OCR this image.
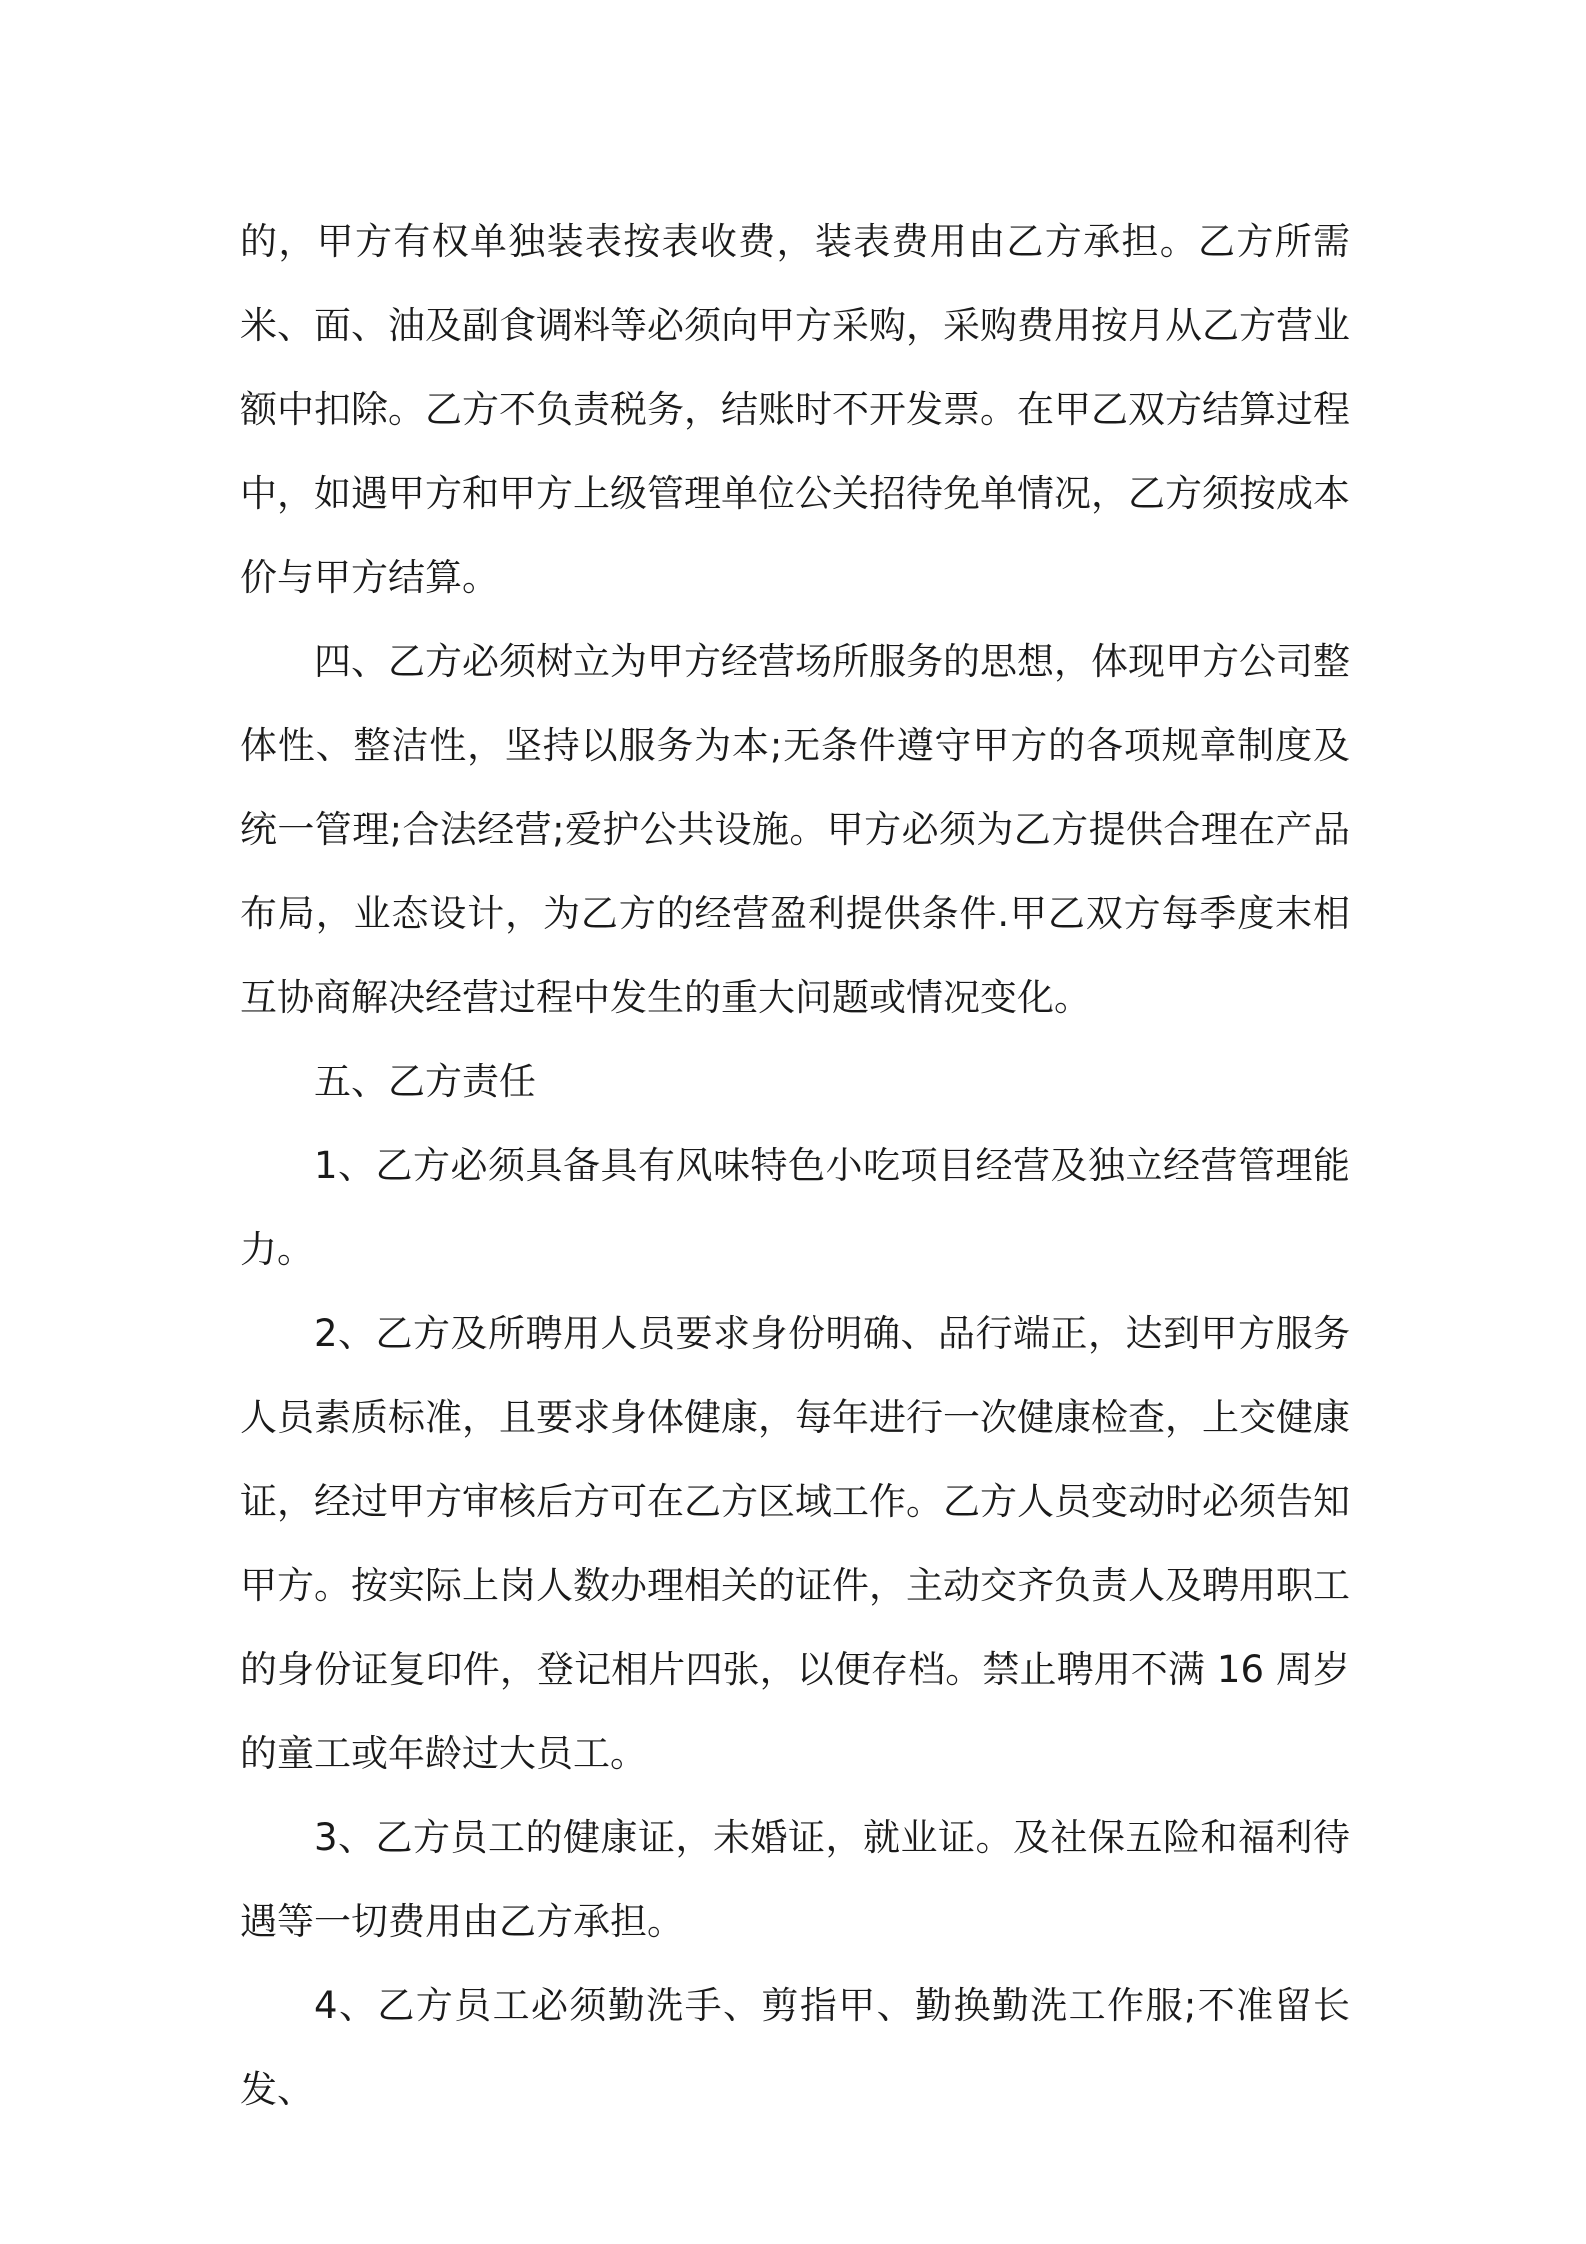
的，甲方有权单独装表按表收费，装表费用由乙方承担。乙方所需米、面、油及副食调料等必须向甲方采购，采购费用按月从乙方营业额中扣除。乙方不负责税务，结账时不开发票。在甲乙双方结算过程中，如遇甲方和甲方上级管理单位公关招待免单情况，乙方须按成本价与甲方结算。

四、乙方必须树立为甲方经营场所服务的思想，体现甲方公司整体性、整洁性，坚持以服务为本;无条件遵守甲方的各项规章制度及统一管理;合法经营;爱护公共设施。甲方必须为乙方提供合理在产品布局，业态设计，为乙方的经营盈利提供条件.甲乙双方每季度末相互协商解决经营过程中发生的重大问题或情况变化。

五、乙方责任

1、乙方必须具备具有风味特色小吃项目经营及独立经营管理能力。

2、乙方及所聘用人员要求身份明确、品行端正，达到甲方服务人员素质标准，且要求身体健康，每年进行一次健康检查，上交健康证，经过甲方审核后方可在乙方区域工作。乙方人员变动时必须告知甲方。按实际上岗人数办理相关的证件，主动交齐负责人及聘用职工的身份证复印件，登记相片四张，以便存档。禁止聘用不满 16 周岁的童工或年龄过大员工。

3、乙方员工的健康证，未婚证，就业证。及社保五险和福利待遇等一切费用由乙方承担。

4、乙方员工必须勤洗手、剪指甲、勤换勤洗工作服;不准留长发、
